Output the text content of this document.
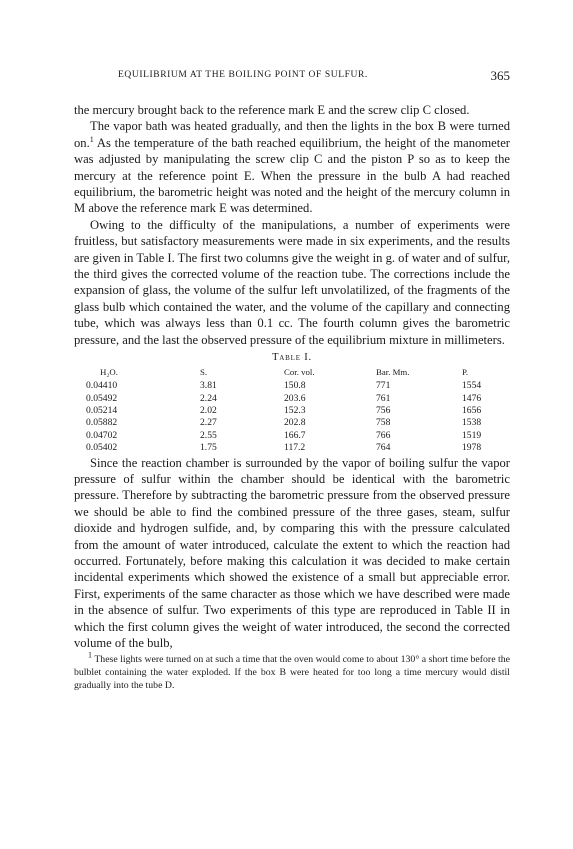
EQUILIBRIUM AT THE BOILING POINT OF SULFUR.	365

the mercury brought back to the reference mark E and the screw clip C closed.

The vapor bath was heated gradually, and then the lights in the box B were turned on.$^1$ As the temperature of the bath reached equilibrium, the height of the manometer was adjusted by manipulating the screw clip C and the piston P so as to keep the mercury at the reference point E. When the pressure in the bulb A had reached equilibrium, the barometric height was noted and the height of the mercury column in M above the reference mark E was determined.

Owing to the difficulty of the manipulations, a number of experiments were fruitless, but satisfactory measurements were made in six experiments, and the results are given in Table I. The first two columns give the weight in g. of water and of sulfur, the third gives the corrected volume of the reaction tube. The corrections include the expansion of glass, the volume of the sulfur left unvolatilized, of the fragments of the glass bulb which contained the water, and the volume of the capillary and connecting tube, which was always less than 0.1 cc. The fourth column gives the barometric pressure, and the last the observed pressure of the equilibrium mixture in millimeters.

Table I.
H₂O.	S.	Cor. vol.	Bar. Mm.	P.
0.04410	3.81	150.8	771	1554
0.05492	2.24	203.6	761	1476
0.05214	2.02	152.3	756	1656
0.05882	2.27	202.8	758	1538
0.04702	2.55	166.7	766	1519
0.05402	1.75	117.2	764	1978

Since the reaction chamber is surrounded by the vapor of boiling sulfur the vapor pressure of sulfur within the chamber should be identical with the barometric pressure. Therefore by subtracting the barometric pressure from the observed pressure we should be able to find the combined pressure of the three gases, steam, sulfur dioxide and hydrogen sulfide, and, by comparing this with the pressure calculated from the amount of water introduced, calculate the extent to which the reaction had occurred. Fortunately, before making this calculation it was decided to make certain incidental experiments which showed the existence of a small but appreciable error. First, experiments of the same character as those which we have described were made in the absence of sulfur. Two experiments of this type are reproduced in Table II in which the first column gives the weight of water introduced, the second the corrected volume of the bulb,

$^1$ These lights were turned on at such a time that the oven would come to about 130° a short time before the bulblet containing the water exploded. If the box B were heated for too long a time mercury would distil gradually into the tube D.
